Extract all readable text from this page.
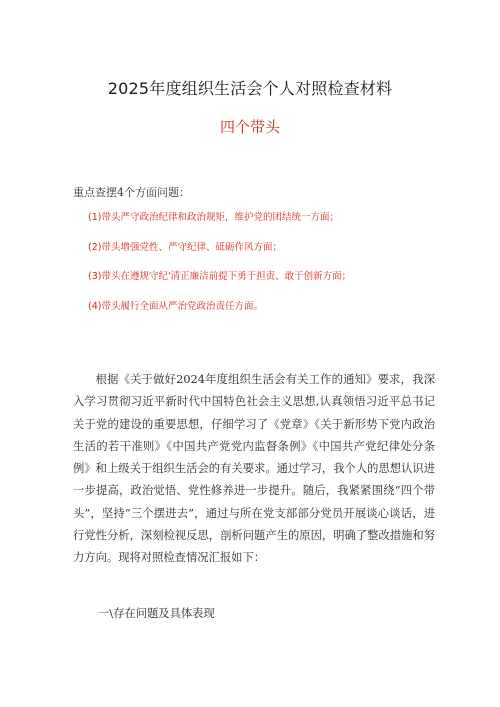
2025年度组织生活会个人对照检查材料
四个带头
重点查摆4个方面问题：
(1)带头严守政治纪律和政治规矩，维护党的团结统一方面；
(2)带头增强党性、严守纪律、砥砺作风方面；
(3)带头在遵规守纪'清正廉洁前提下勇于担责、敢于创新方面；
(4)带头履行全面从严治党政治责任方面。

根据《关于做好2024年度组织生活会有关工作的通知》要求，我深入学习贯彻习近平新时代中国特色社会主义思想,认真领悟习近平总书记关于党的建设的重要思想，仔细学习了《党章》《关于新形势下党内政治生活的若干准则》《中国共产党党内监督条例》《中国共产党纪律处分条例》和上级关于组织生活会的有关要求。通过学习，我个人的思想认识进一步提高，政治觉悟、党性修养进一步提升。随后，我紧紧围绕“四个带头”，坚持“三个摆进去”，通过与所在党支部部分党员开展谈心谈话，进行党性分析，深刻检视反思，剖析问题产生的原因，明确了整改措施和努力方向。现将对照检查情况汇报如下：

一\存在问题及具体表现
